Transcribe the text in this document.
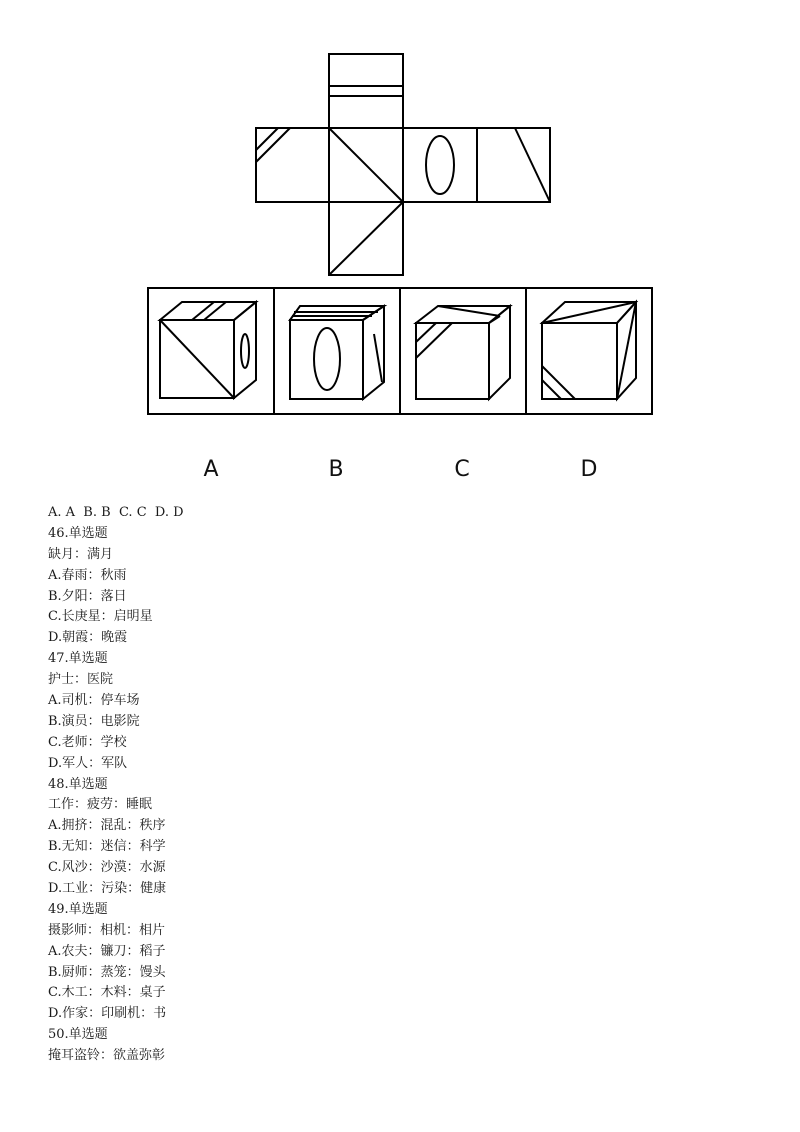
A	B	C	D
A. A  B. B  C. C  D. D
46.单选题
缺月：满月
A.春雨：秋雨
B.夕阳：落日
C.长庚星：启明星
D.朝霞：晚霞
47.单选题
护士：医院
A.司机：停车场
B.演员：电影院
C.老师：学校
D.军人：军队
48.单选题
工作：疲劳：睡眠
A.拥挤：混乱：秩序
B.无知：迷信：科学
C.风沙：沙漠：水源
D.工业：污染：健康
49.单选题
摄影师：相机：相片
A.农夫：镰刀：稻子
B.厨师：蒸笼：馒头
C.木工：木料：桌子
D.作家：印刷机：书
50.单选题
掩耳盗铃：欲盖弥彰
